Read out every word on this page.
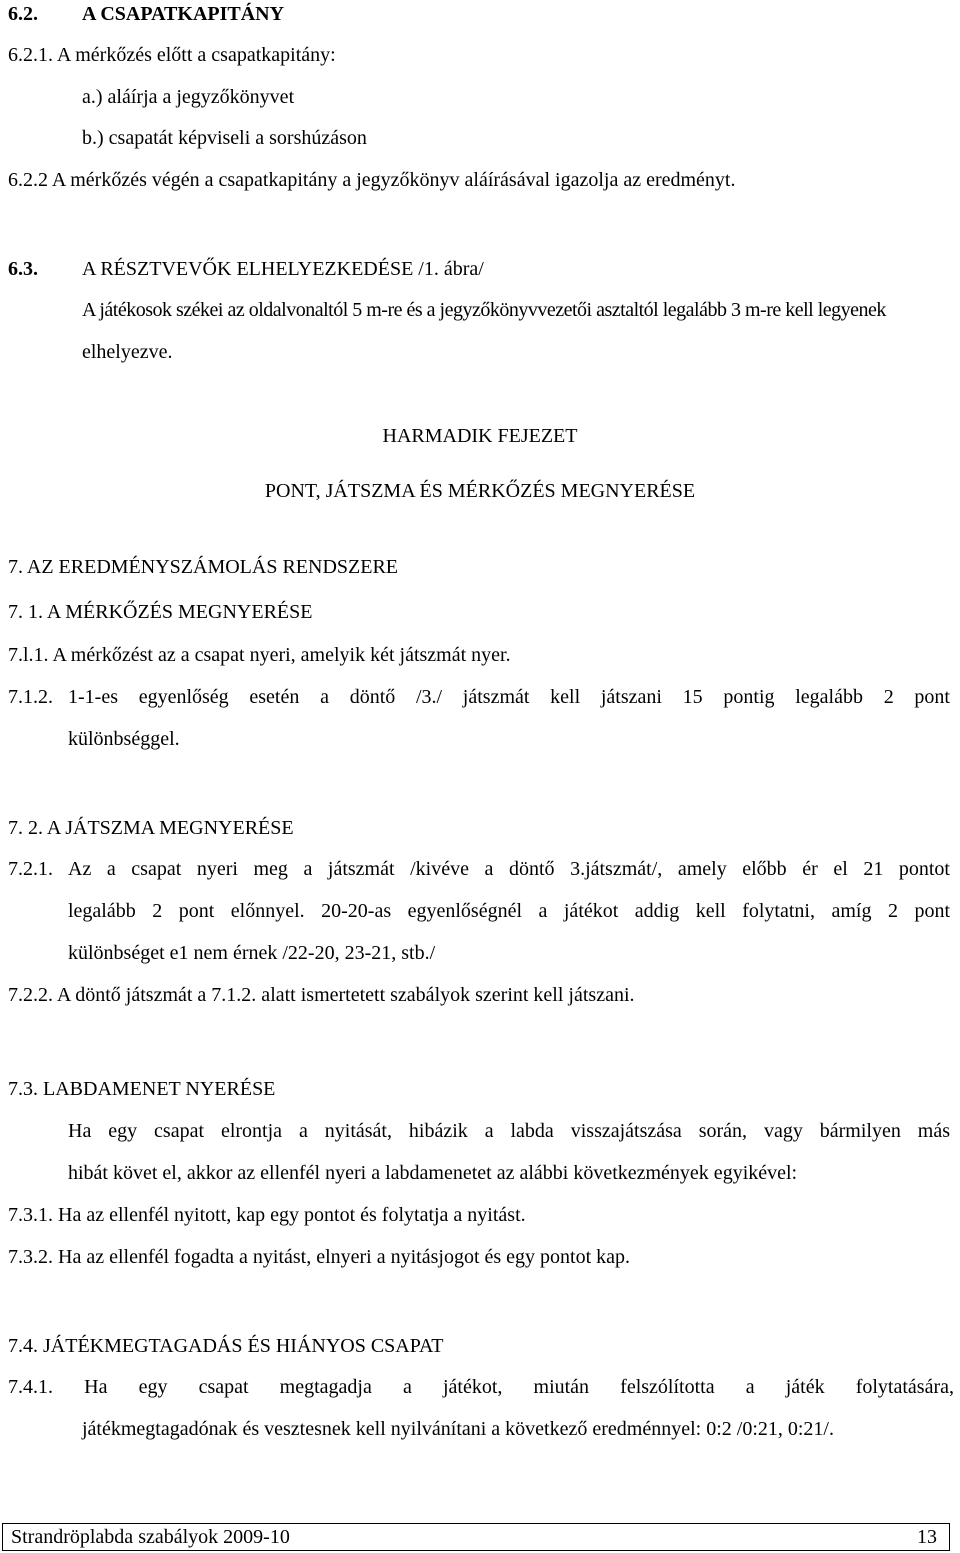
6.2. A CSAPATKAPITÁNY
6.2.1. A mérkőzés előtt a csapatkapitány:
a.) aláírja a jegyzőkönyvet
b.) csapatát képviseli a sorshúzáson
6.2.2 A mérkőzés végén a csapatkapitány a jegyzőkönyv aláírásával igazolja az eredményt.
6.3. A RÉSZTVEVŐK ELHELYEZKEDÉSE /1. ábra/
A játékosok székei az oldalvonaltól 5 m-re és a jegyzőkönyvvezetői asztaltól legalább 3 m-re kell legyenek
elhelyezve.
HARMADIK FEJEZET
PONT, JÁTSZMA ÉS MÉRKŐZÉS MEGNYERÉSE
7. AZ EREDMÉNYSZÁMOLÁS RENDSZERE
7. 1. A MÉRKŐZÉS MEGNYERÉSE
7.l.1. A mérkőzést az a csapat nyeri, amelyik két játszmát nyer.
7.1.2. 1-1-es egyenlőség esetén a döntő /3./ játszmát kell játszani 15 pontig legalább 2 pont
különbséggel.
7. 2. A JÁTSZMA MEGNYERÉSE
7.2.1. Az a csapat nyeri meg a játszmát /kivéve a döntő 3.játszmát/, amely előbb ér el 21 pontot
legalább 2 pont előnnyel. 20-20-as egyenlőségnél a játékot addig kell folytatni, amíg 2 pont
különbséget e1 nem érnek /22-20, 23-21, stb./
7.2.2. A döntő játszmát a 7.1.2. alatt ismertetett szabályok szerint kell játszani.
7.3. LABDAMENET NYERÉSE
Ha egy csapat elrontja a nyitását, hibázik a labda visszajátszása során, vagy bármilyen más
hibát követ el, akkor az ellenfél nyeri a labdamenetet az alábbi következmények egyikével:
7.3.1. Ha az ellenfél nyitott, kap egy pontot és folytatja a nyitást.
7.3.2. Ha az ellenfél fogadta a nyitást, elnyeri a nyitásjogot és egy pontot kap.
7.4. JÁTÉKMEGTAGADÁS ÉS HIÁNYOS CSAPAT
7.4.1. Ha egy csapat megtagadja a játékot, miután felszólította a játék folytatására,
játékmegtagadónak és vesztesnek kell nyilvánítani a következő eredménnyel: 0:2 /0:21, 0:21/.
Strandröplabda szabályok 2009-10	13
